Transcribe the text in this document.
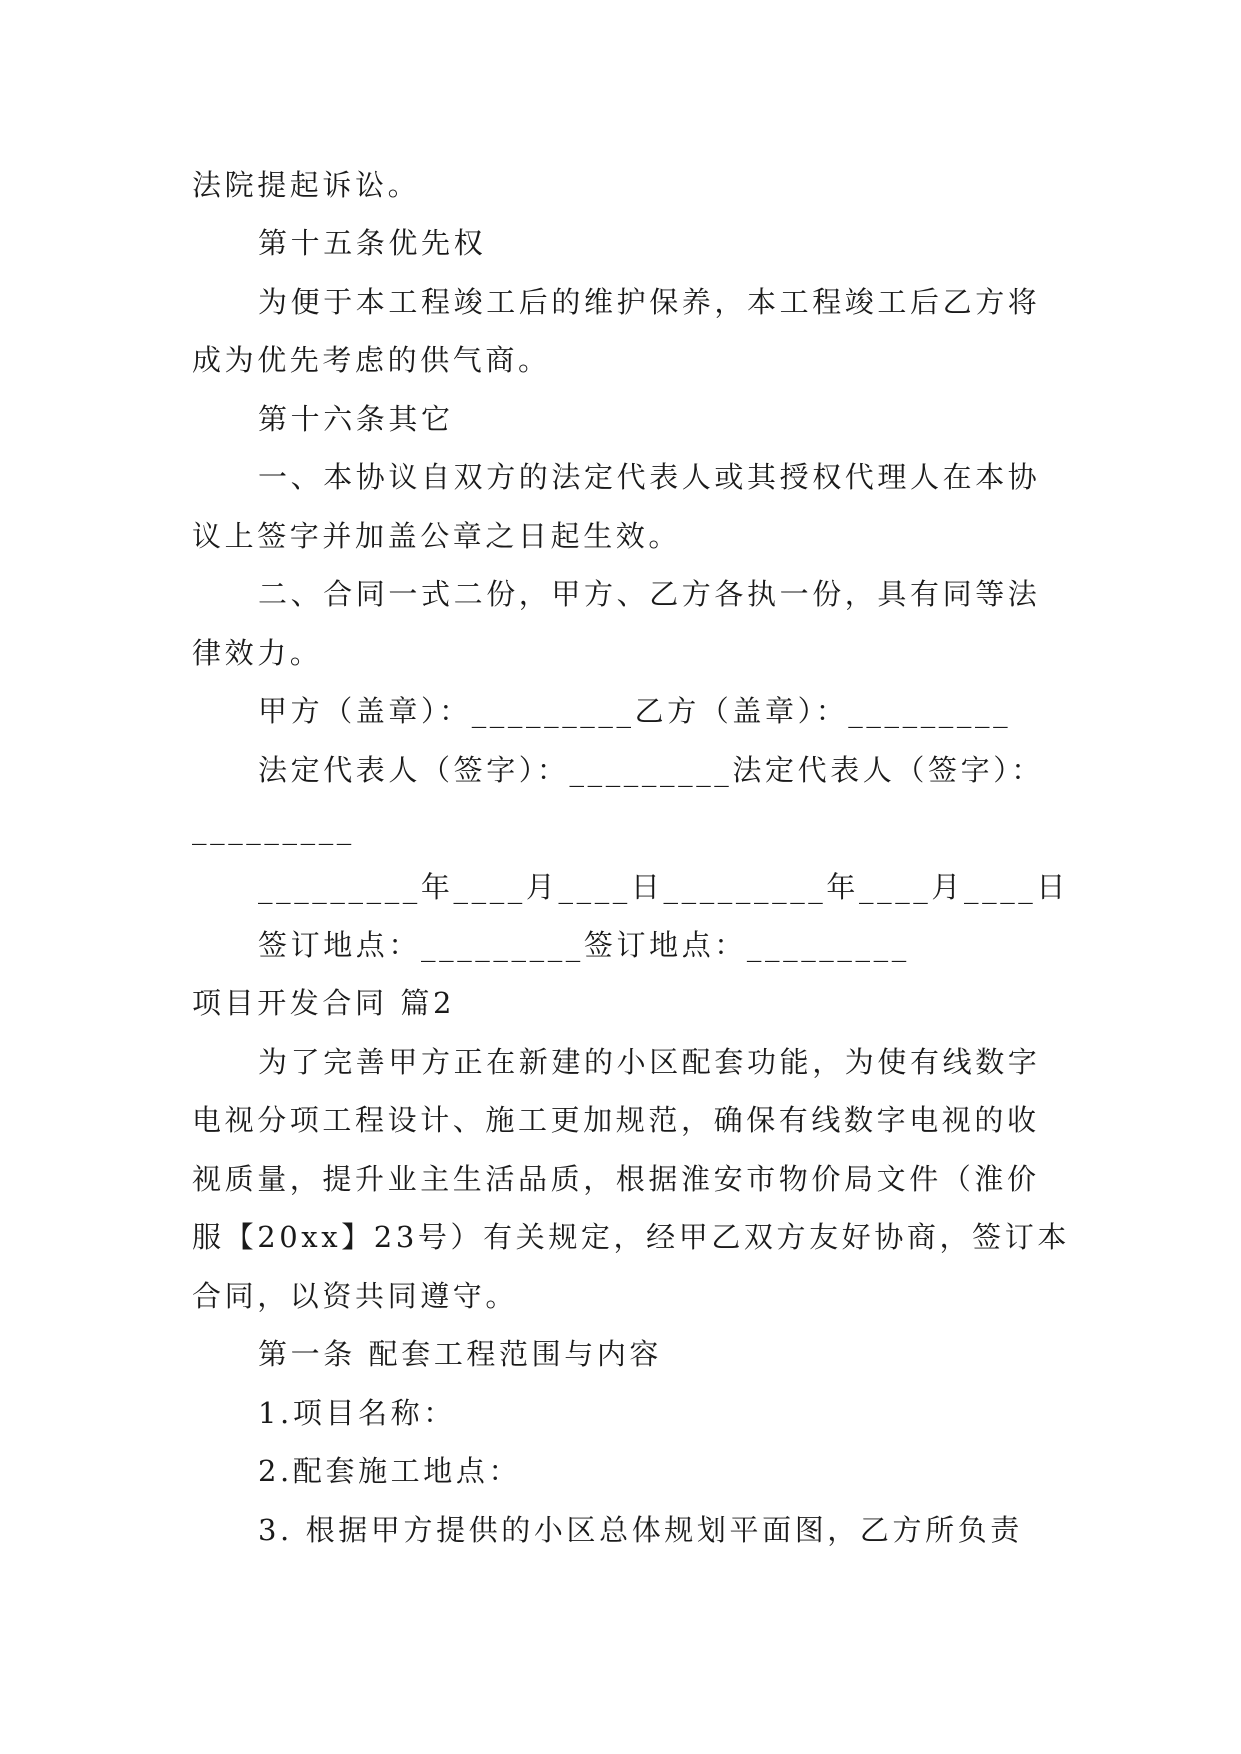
法院提起诉讼。
第十五条优先权
为便于本工程竣工后的维护保养，本工程竣工后乙方将
成为优先考虑的供气商。
第十六条其它
一、本协议自双方的法定代表人或其授权代理人在本协
议上签字并加盖公章之日起生效。
二、合同一式二份，甲方、乙方各执一份，具有同等法
律效力。
甲方（盖章）：_________乙方（盖章）：_________
法定代表人（签字）：_________法定代表人（签字）：
_________
_________年____月____日_________年____月____日
签订地点：_________签订地点：_________
项目开发合同 篇2
为了完善甲方正在新建的小区配套功能，为使有线数字
电视分项工程设计、施工更加规范，确保有线数字电视的收
视质量，提升业主生活品质，根据淮安市物价局文件（淮价
服【20xx】23号）有关规定，经甲乙双方友好协商，签订本
合同，以资共同遵守。
第一条 配套工程范围与内容
1.项目名称：
2.配套施工地点：
3. 根据甲方提供的小区总体规划平面图，乙方所负责
